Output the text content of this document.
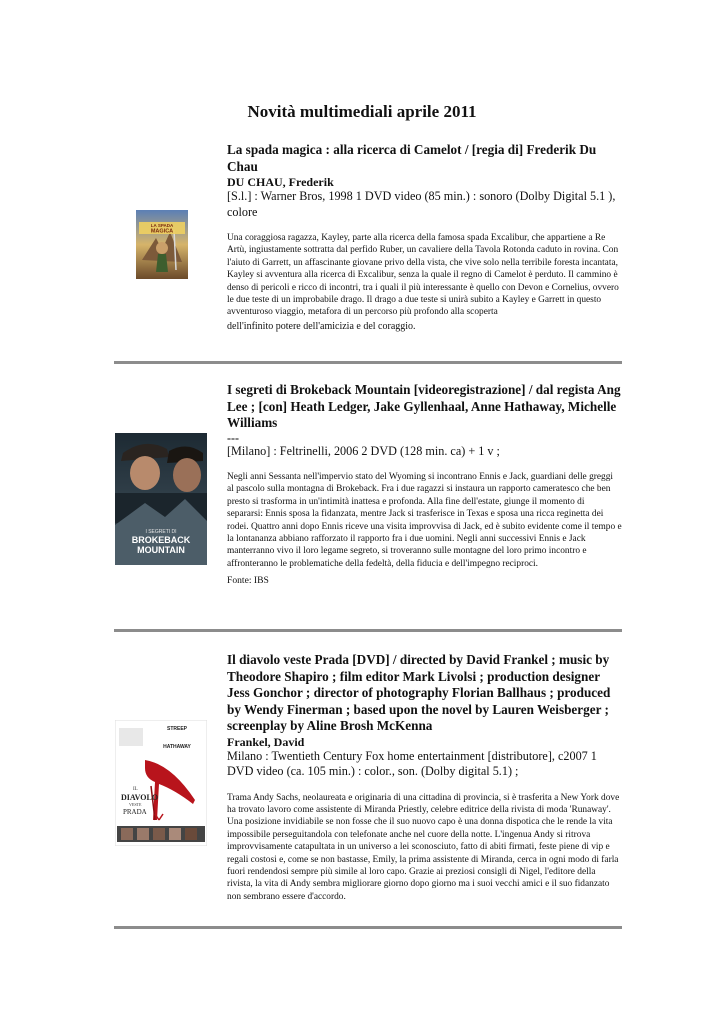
Novità multimediali aprile 2011
LA SPADA
MAGICA
La spada magica : alla ricerca di Camelot / [regia di] Frederik Du Chau
DU CHAU, Frederik
[S.l.] : Warner Bros, 1998 1 DVD video (85 min.) : sonoro (Dolby Digital 5.1 ), colore
Una coraggiosa ragazza, Kayley, parte alla ricerca della famosa spada Excalibur, che appartiene a Re Artù, ingiustamente sottratta dal perfido Ruber, un cavaliere della Tavola Rotonda caduto in rovina. Con l'aiuto di Garrett, un affascinante giovane privo della vista, che vive solo nella terribile foresta incantata, Kayley si avventura alla ricerca di Excalibur, senza la quale il regno di Camelot è perduto. Il cammino è denso di pericoli e ricco di incontri, tra i quali il più interessante è quello con Devon e Cornelius, ovvero le due teste di un improbabile drago. Il drago a due teste si unirà subito a Kayley e Garrett in questo avventuroso viaggio, metafora di un percorso più profondo alla scoperta
dell'infinito potere dell'amicizia e del coraggio.
I SEGRETI DI
BROKEBACK
MOUNTAIN
I segreti di Brokeback Mountain [videoregistrazione] / dal regista Ang Lee ; [con] Heath Ledger, Jake Gyllenhaal, Anne Hathaway, Michelle Williams
---
[Milano] : Feltrinelli, 2006 2 DVD (128 min. ca) + 1 v ;
Negli anni Sessanta nell'impervio stato del Wyoming si incontrano Ennis e Jack, guardiani delle greggi al pascolo sulla montagna di Brokeback. Fra i due ragazzi si instaura un rapporto cameratesco che ben presto si trasforma in un'intimità inattesa e profonda. Alla fine dell'estate, giunge il momento di separarsi: Ennis sposa la fidanzata, mentre Jack si trasferisce in Texas e sposa una ricca reginetta dei rodei. Quattro anni dopo Ennis riceve una visita improvvisa di Jack, ed è subito evidente come il tempo e la lontananza abbiano rafforzato il rapporto fra i due uomini. Negli anni successivi Ennis e Jack manterranno vivo il loro legame segreto, si troveranno sulle montagne del loro primo incontro e affronteranno le problematiche della fedeltà, della fiducia e dell'impegno reciproci.
Fonte: IBS
STREEP
HATHAWAY
IL
DIAVOLO
VESTE
PRADA
Il diavolo veste Prada [DVD] / directed by David Frankel ; music by Theodore Shapiro ; film editor Mark Livolsi ; production designer Jess Gonchor ; director of photography Florian Ballhaus ; produced by Wendy Finerman ; based upon the novel by Lauren Weisberger ; screenplay by Aline Brosh McKenna
Frankel, David
Milano : Twentieth Century Fox home entertainment [distributore], c2007 1 DVD video (ca. 105 min.) : color., son. (Dolby digital 5.1) ;
Trama Andy Sachs, neolaureata e originaria di una cittadina di provincia, si è trasferita a New York dove ha trovato lavoro come assistente di Miranda Priestly, celebre editrice della rivista di moda 'Runaway'. Una posizione invidiabile se non fosse che il suo nuovo capo è una donna dispotica che le rende la vita impossibile perseguitandola con telefonate anche nel cuore della notte. L'ingenua Andy si ritrova improvvisamente catapultata in un universo a lei sconosciuto, fatto di abiti firmati, feste piene di vip e regali costosi e, come se non bastasse, Emily, la prima assistente di Miranda, cerca in ogni modo di farla fuori rendendosi sempre più simile al loro capo. Grazie ai preziosi consigli di Nigel, l'editore della rivista, la vita di Andy sembra migliorare giorno dopo giorno ma i suoi vecchi amici e il suo fidanzato non sembrano essere d'accordo.
